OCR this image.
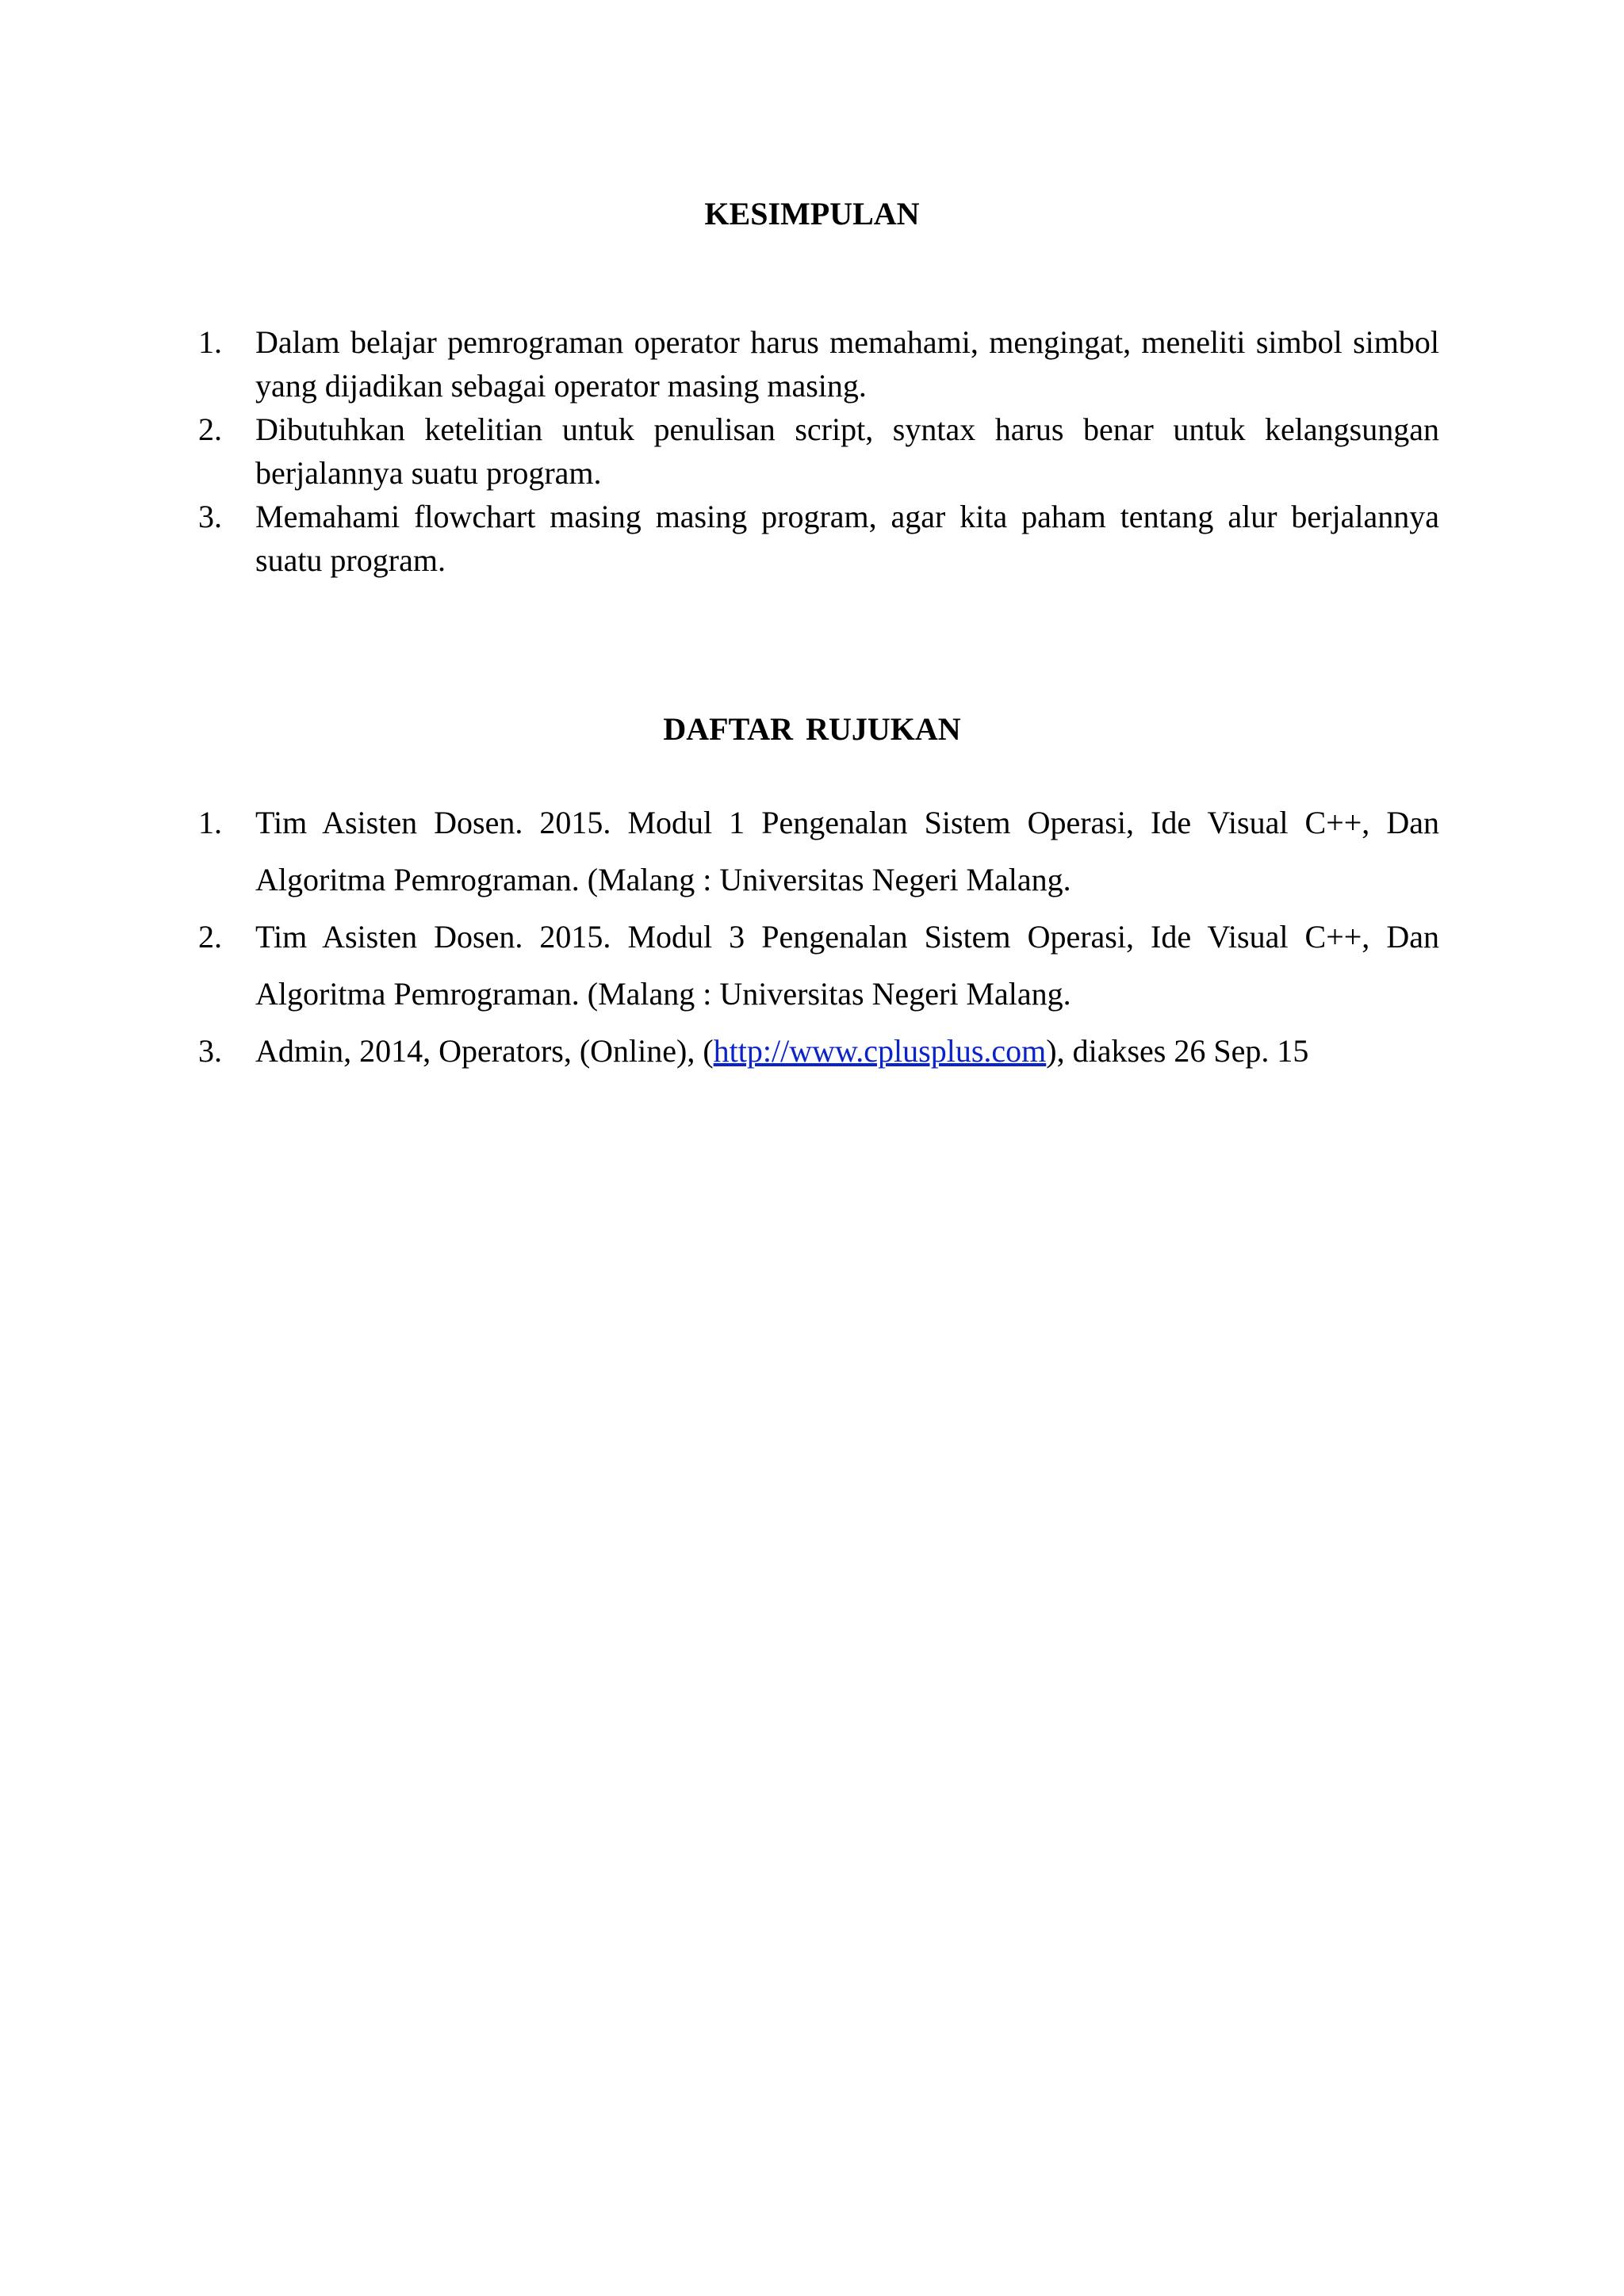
KESIMPULAN
1. Dalam belajar pemrograman operator harus memahami, mengingat, meneliti simbol simbol yang dijadikan sebagai operator masing masing.
2. Dibutuhkan ketelitian untuk penulisan script, syntax harus benar untuk kelangsungan berjalannya suatu program.
3. Memahami flowchart masing masing program, agar kita paham tentang alur berjalannya suatu program.
DAFTAR RUJUKAN
1. Tim Asisten Dosen. 2015. Modul 1 Pengenalan Sistem Operasi, Ide Visual C++, Dan Algoritma Pemrograman. (Malang : Universitas Negeri Malang.
2. Tim Asisten Dosen. 2015. Modul 3 Pengenalan Sistem Operasi, Ide Visual C++, Dan Algoritma Pemrograman. (Malang : Universitas Negeri Malang.
3. Admin, 2014, Operators, (Online), (http://www.cplusplus.com), diakses 26 Sep. 15
